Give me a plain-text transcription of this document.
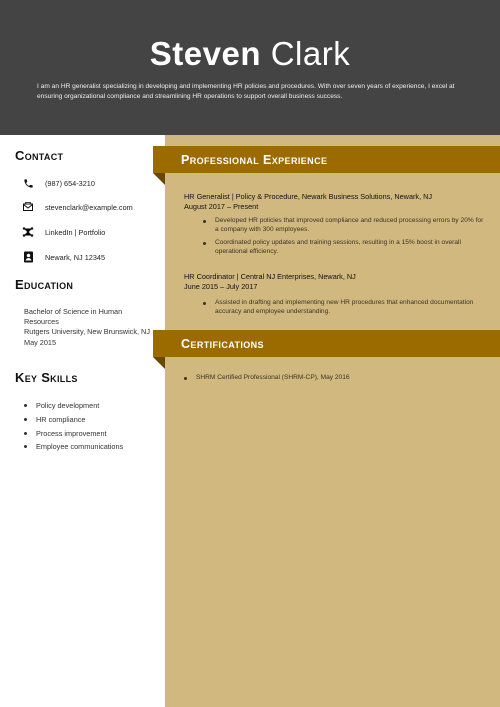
Steven Clark
I am an HR generalist specializing in developing and implementing HR policies and procedures. With over seven years of experience, I excel at ensuring organizational compliance and streamlining HR operations to support overall business success.
Contact
(987) 654-3210
stevenclark@example.com
LinkedIn | Portfolio
Newark, NJ 12345
Education
Bachelor of Science in Human Resources
Rutgers University, New Brunswick, NJ
May 2015
Key Skills
Policy development
HR compliance
Process improvement
Employee communications
Professional Experience
HR Generalist | Policy & Procedure, Newark Business Solutions, Newark, NJ
August 2017 – Present
Developed HR policies that improved compliance and reduced processing errors by 20% for a company with 300 employees.
Coordinated policy updates and training sessions, resulting in a 15% boost in overall operational efficiency.
HR Coordinator | Central NJ Enterprises, Newark, NJ
June 2015 – July 2017
Assisted in drafting and implementing new HR procedures that enhanced documentation accuracy and employee understanding.
Certifications
SHRM Certified Professional (SHRM-CP), May 2016
